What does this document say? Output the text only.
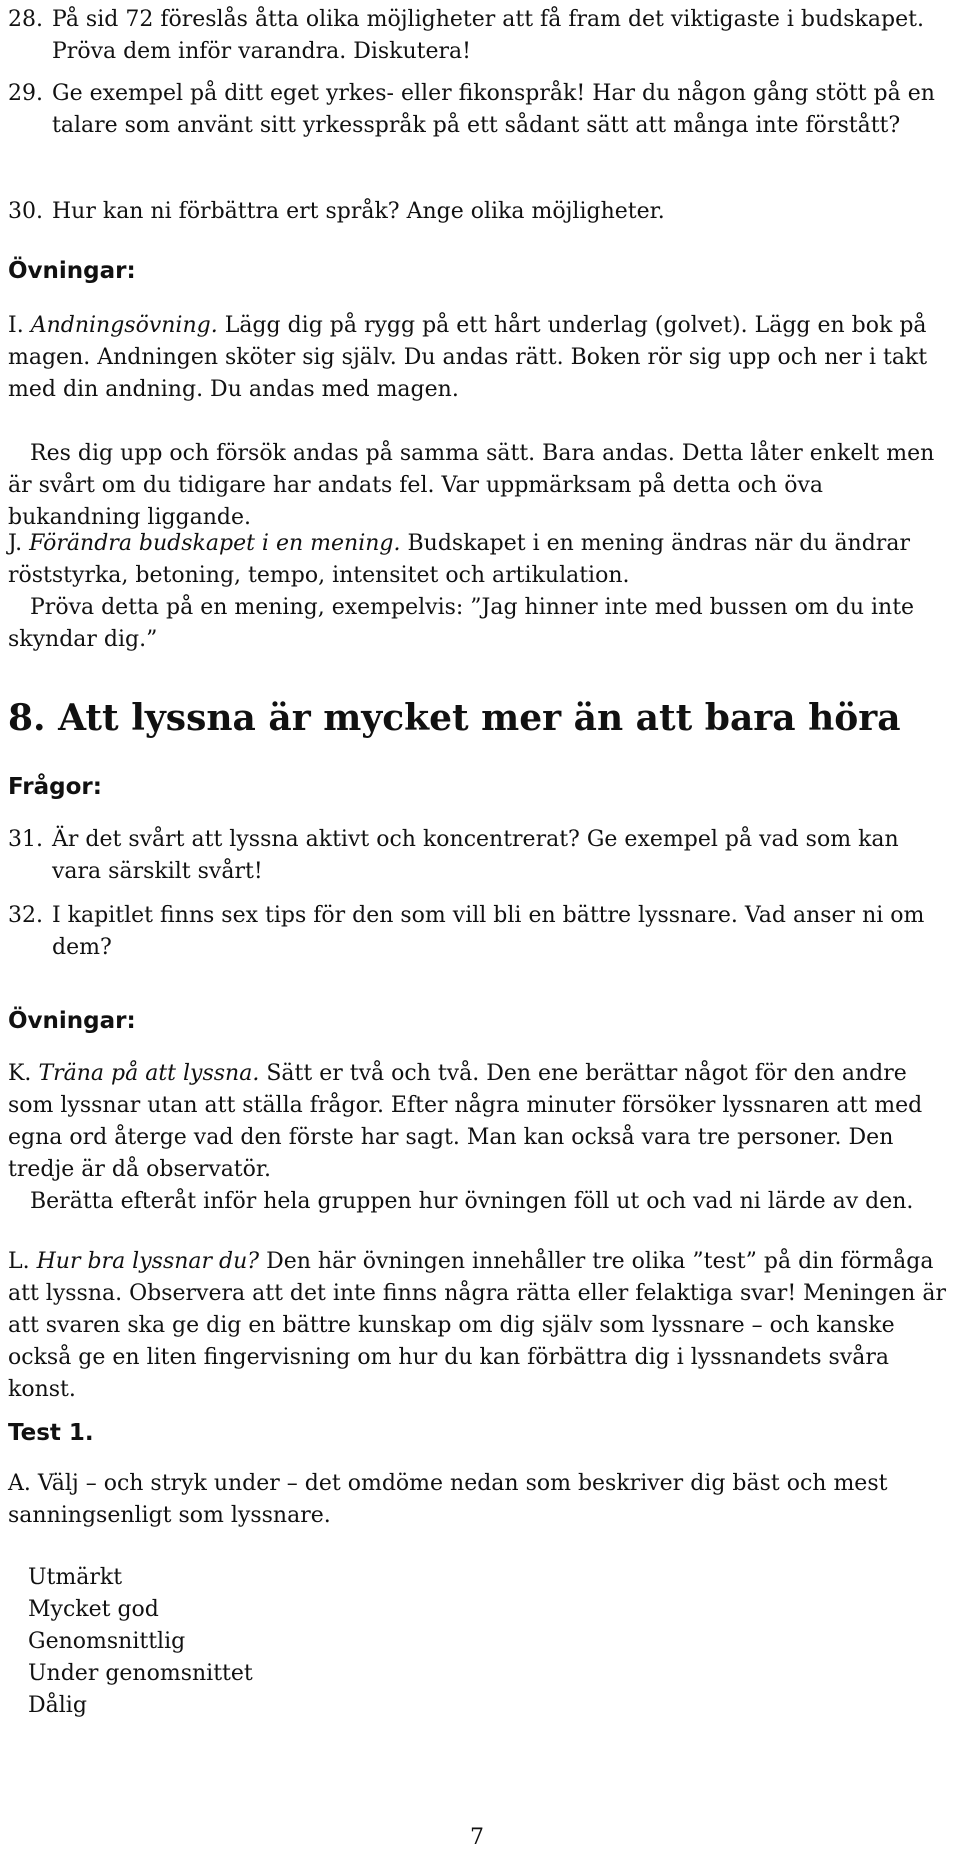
28. På sid 72 föreslås åtta olika möjligheter att få fram det viktigaste i budskapet. Pröva dem inför varandra. Diskutera!

29. Ge exempel på ditt eget yrkes- eller fikonspråk! Har du någon gång stött på en talare som använt sitt yrkesspråk på ett sådant sätt att många inte förstått?

30. Hur kan ni förbättra ert språk? Ange olika möjligheter.

Övningar:

I. Andningsövning. Lägg dig på rygg på ett hårt underlag (golvet). Lägg en bok på magen. Andningen sköter sig själv. Du andas rätt. Boken rör sig upp och ner i takt med din andning. Du andas med magen.

Res dig upp och försök andas på samma sätt. Bara andas. Detta låter enkelt men är svårt om du tidigare har andats fel. Var uppmärksam på detta och öva bukandning liggande.

J. Förändra budskapet i en mening. Budskapet i en mening ändras när du ändrar röststyrka, betoning, tempo, intensitet och artikulation.

Pröva detta på en mening, exempelvis: ”Jag hinner inte med bussen om du inte skyndar dig.”

8. Att lyssna är mycket mer än att bara höra
Frågor:
31. Är det svårt att lyssna aktivt och koncentrerat? Ge exempel på vad som kan vara särskilt svårt!

32. I kapitlet finns sex tips för den som vill bli en bättre lyssnare. Vad anser ni om dem?

Övningar:

K. Träna på att lyssna. Sätt er två och två. Den ene berättar något för den andre som lyssnar utan att ställa frågor. Efter några minuter försöker lyssnaren att med egna ord återge vad den förste har sagt. Man kan också vara tre personer. Den tredje är då observatör.

Berätta efteråt inför hela gruppen hur övningen föll ut och vad ni lärde av den.

L. Hur bra lyssnar du? Den här övningen innehåller tre olika ”test” på din förmåga att lyssna. Observera att det inte finns några rätta eller felaktiga svar! Meningen är att svaren ska ge dig en bättre kunskap om dig själv som lyssnare – och kanske också ge en liten fingervisning om hur du kan förbättra dig i lyssnandets svåra konst.

Test 1.

A. Välj – och stryk under – det omdöme nedan som beskriver dig bäst och mest sanningsenligt som lyssnare.

Utmärkt
Mycket god
Genomsnittlig
Under genomsnittet
Dålig
7
